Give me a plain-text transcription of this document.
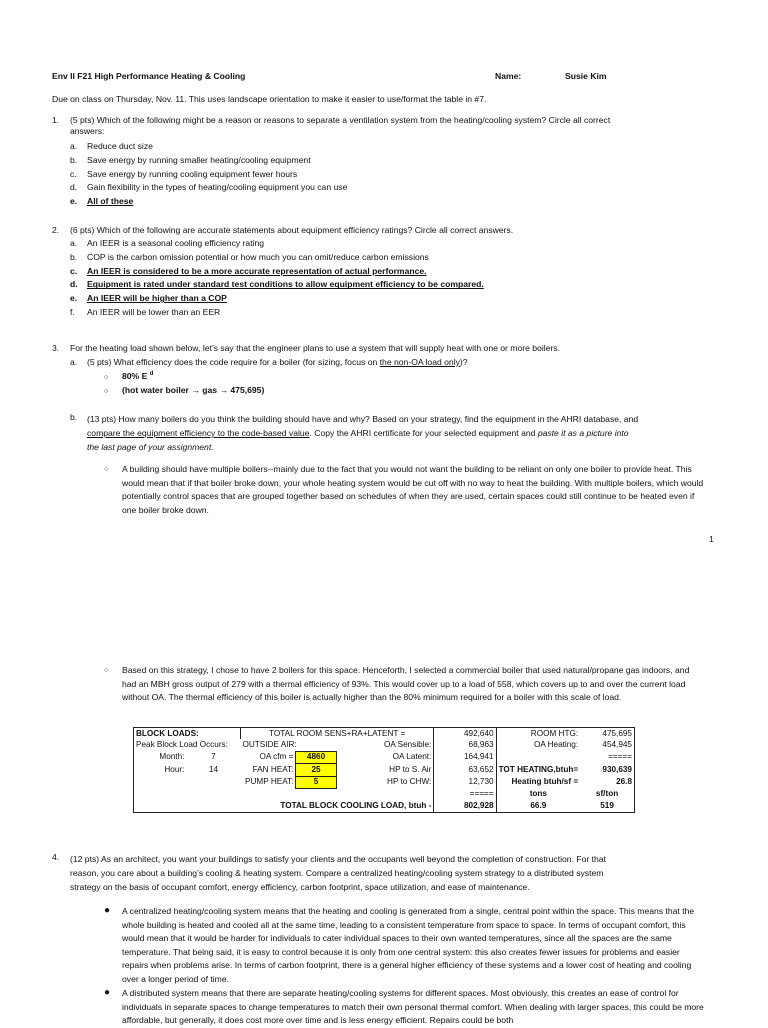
Env II F21 High Performance Heating & Cooling	Name:	Susie Kim
Due on class on Thursday, Nov. 11. This uses landscape orientation to make it easier to use/format the table in #7.
1. (5 pts) Which of the following might be a reason or reasons to separate a ventilation system from the heating/cooling system? Circle all correct
answers:
a. Reduce duct size
b. Save energy by running smaller heating/cooling equipment
c. Save energy by running cooling equipment fewer hours
d. Gain flexibility in the types of heating/cooling equipment you can use
e. All of these
2. (6 pts) Which of the following are accurate statements about equipment efficiency ratings? Circle all correct answers.
a. An IEER is a seasonal cooling efficiency rating
b. COP is the carbon omission potential or how much you can omit/reduce carbon emissions
c. An IEER is considered to be a more accurate representation of actual performance.
d. Equipment is rated under standard test conditions to allow equipment efficiency to be compared.
e. An IEER will be higher than a COP
f. An IEER will be lower than an EER
3. For the heating load shown below, let’s say that the engineer plans to use a system that will supply heat with one or more boilers.
a. (5 pts) What efficiency does the code require for a boiler (for sizing, focus on the non-OA load only)?
○ 80% E $^d$
○ (hot water boiler → gas → 475,695)
b. (13 pts) How many boilers do you think the building should have and why? Based on your strategy, find the equipment in the AHRI database, and
compare the equipment efficiency to the code-based value. Copy the AHRI certificate for your selected equipment and paste it as a picture into
the last page of your assignment.
○ A building should have multiple boilers--mainly due to the fact that you would not want the building to be reliant on only one boiler to provide heat. This would mean that if that boiler broke down, your whole heating system would be cut off with no way to heat the building. With multiple boilers, which would potentially control spaces that are grouped together based on schedules of when they are used, certain spaces could still continue to be heated even if one boiler broke down.
1
○ Based on this strategy, I chose to have 2 boilers for this space. Henceforth, I selected a commercial boiler that used natural/propane gas indoors, and had an MBH gross output of 279 with a thermal efficiency of 93%. This would cover up to a load of 558, which covers up to and over the current load without OA. The thermal efficiency of this boiler is actually higher than the 80% minimum required for a boiler with this scale of load.
BLOCK LOADS:		TOTAL ROOM SENS+RA+LATENT =				492,640	ROOM HTG:	475,695
Peak Block Load Occurs:		OUTSIDE AIR:		OA Sensible:		68,963	OA Heating:	454,945
Month:	7	OA cfm =	4860	OA Latent:		164,941		=====
Hour:	14	FAN HEAT:	25	HP to S. Air		63,652	TOT HEATING,btuh=	930,639
		PUMP HEAT:	5	HP to CHW:		12,730	Heating btuh/sf =	26.8
						=====	tons	sf/ton
	TOTAL BLOCK COOLING LOAD, btuh -					802,928	66.9	519
4. (12 pts) As an architect, you want your buildings to satisfy your clients and the occupants well beyond the completion of construction. For that
reason, you care about a building’s cooling & heating system. Compare a centralized heating/cooling system strategy to a distributed system
strategy on the basis of occupant comfort, energy efficiency, carbon footprint, space utilization, and ease of maintenance.
● A centralized heating/cooling system means that the heating and cooling is generated from a single, central point within the space. This means that the whole building is heated and cooled all at the same time, leading to a consistent temperature from space to space. In terms of occupant comfort, this would mean that it would be harder for individuals to cater individual spaces to their own wanted temperatures, since all the spaces are the same temperature. That being said, it is easy to control because it is only from one central system: this also creates fewer issues for problems and easier repairs when problems arise. In terms of carbon footprint, there is a general higher efficiency of these systems and a lower cost of heating and cooling over a longer period of time.
● A distributed system means that there are separate heating/cooling systems for different spaces. Most obviously, this creates an ease of control for individuals in separate spaces to change temperatures to match their own personal thermal comfort. When dealing with larger spaces, this could be more affordable, but generally, it does cost more over time and is less energy efficient. Repairs could be both
